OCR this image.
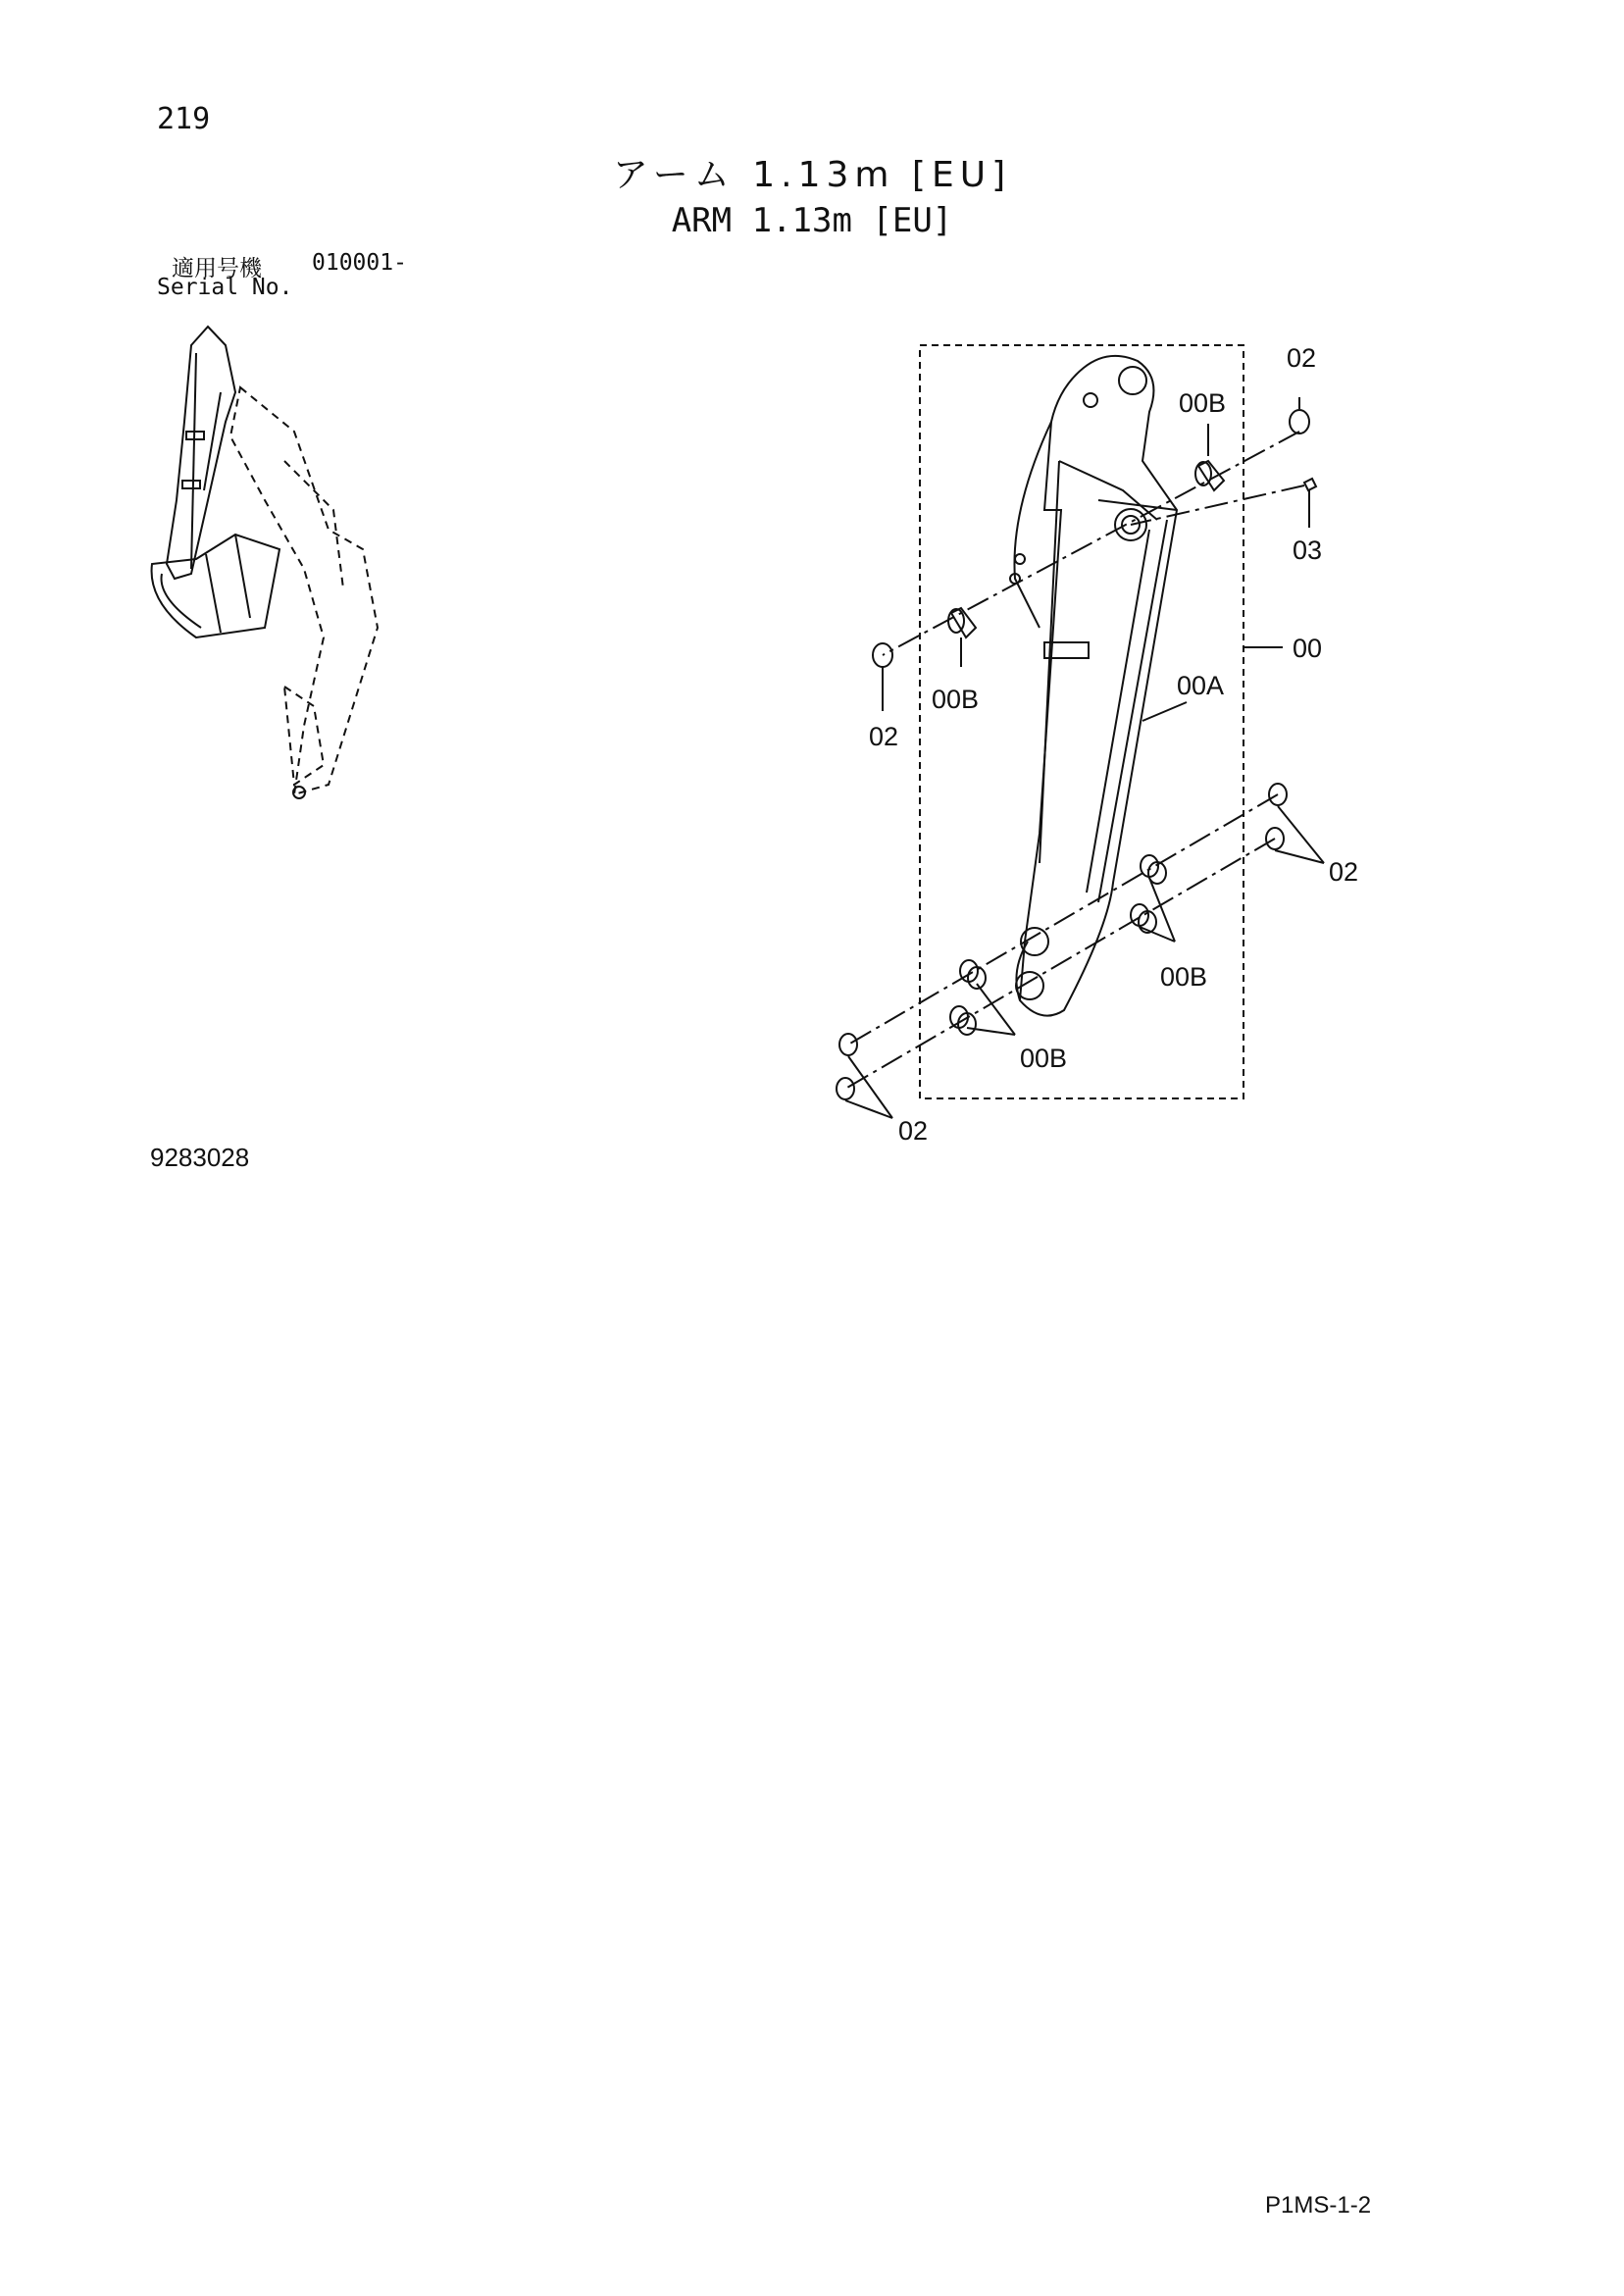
219
アーム 1.13m [EU]
ARM 1.13m [EU]
適用号機 010001-
Serial No.
9283028
P1MS-1-2
02
00B
03
00
00A
00B
02
02
00B
00B
02
